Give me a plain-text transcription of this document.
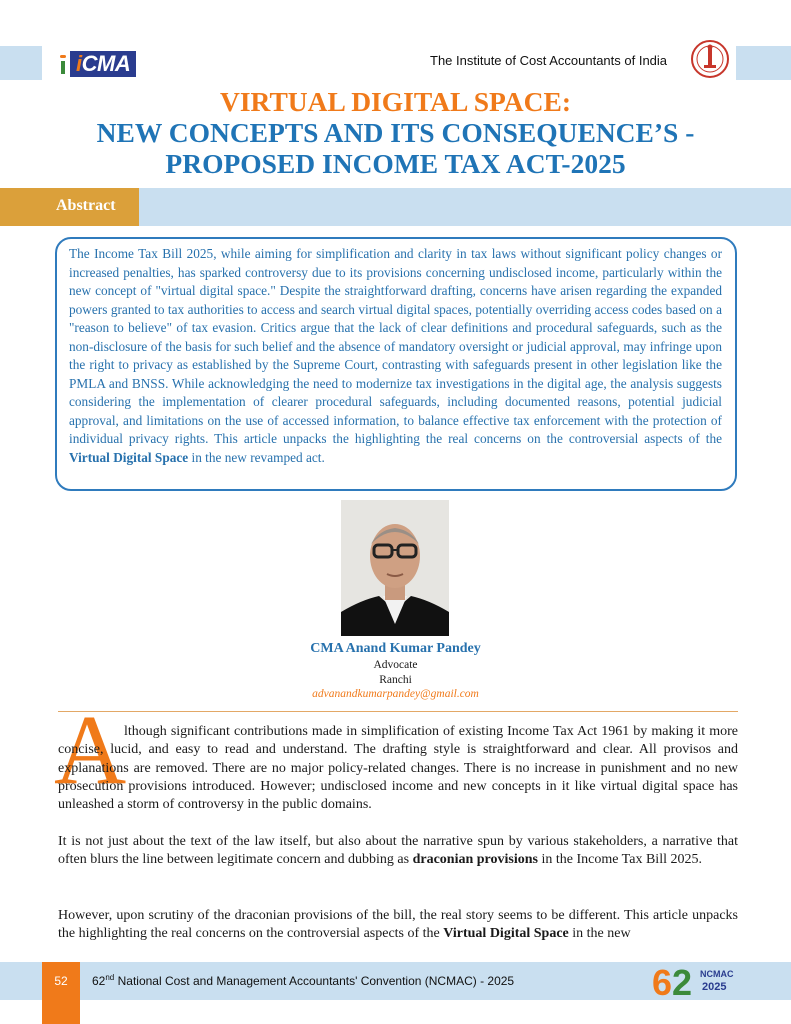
iCMA	The Institute of Cost Accountants of India
VIRTUAL DIGITAL SPACE:
NEW CONCEPTS AND ITS CONSEQUENCE’S -
PROPOSED INCOME TAX ACT-2025
Abstract
The Income Tax Bill 2025, while aiming for simplification and clarity in tax laws without significant policy changes or increased penalties, has sparked controversy due to its provisions concerning undisclosed income, particularly within the new concept of "virtual digital space." Despite the straightforward drafting, concerns have arisen regarding the expanded powers granted to tax authorities to access and search virtual digital spaces, potentially overriding access codes based on a "reason to believe" of tax evasion. Critics argue that the lack of clear definitions and procedural safeguards, such as the non-disclosure of the basis for such belief and the absence of mandatory oversight or judicial approval, may infringe upon the right to privacy as established by the Supreme Court, contrasting with safeguards present in other legislation like the PMLA and BNSS. While acknowledging the need to modernize tax investigations in the digital age, the analysis suggests considering the implementation of clearer procedural safeguards, including documented reasons, potential judicial approval, and limitations on the use of accessed information, to balance effective tax enforcement with the protection of individual privacy rights. This article unpacks the highlighting the real concerns on the controversial aspects of the Virtual Digital Space in the new revamped act.
CMA Anand Kumar Pandey
Advocate
Ranchi
advanandkumarpandey@gmail.com
A
lthough significant contributions made in simplification of existing Income Tax Act 1961 by making it more concise, lucid, and easy to read and understand. The drafting style is straightforward and clear. All provisos and explanations are removed. There are no major policy-related changes. There is no increase in punishment and no new prosecution provisions introduced. However; undisclosed income and new concepts in it like virtual digital space has unleashed a storm of controversy in the public domains.
It is not just about the text of the law itself, but also about the narrative spun by various stakeholders, a narrative that often blurs the line between legitimate concern and dubbing as draconian provisions in the Income Tax Bill 2025.
However, upon scrutiny of the draconian provisions of the bill, the real story seems to be different. This article unpacks the highlighting the real concerns on the controversial aspects of the Virtual Digital Space in the new
52	62nd National Cost and Management Accountants' Convention (NCMAC) - 2025	62 NCMAC
2025
